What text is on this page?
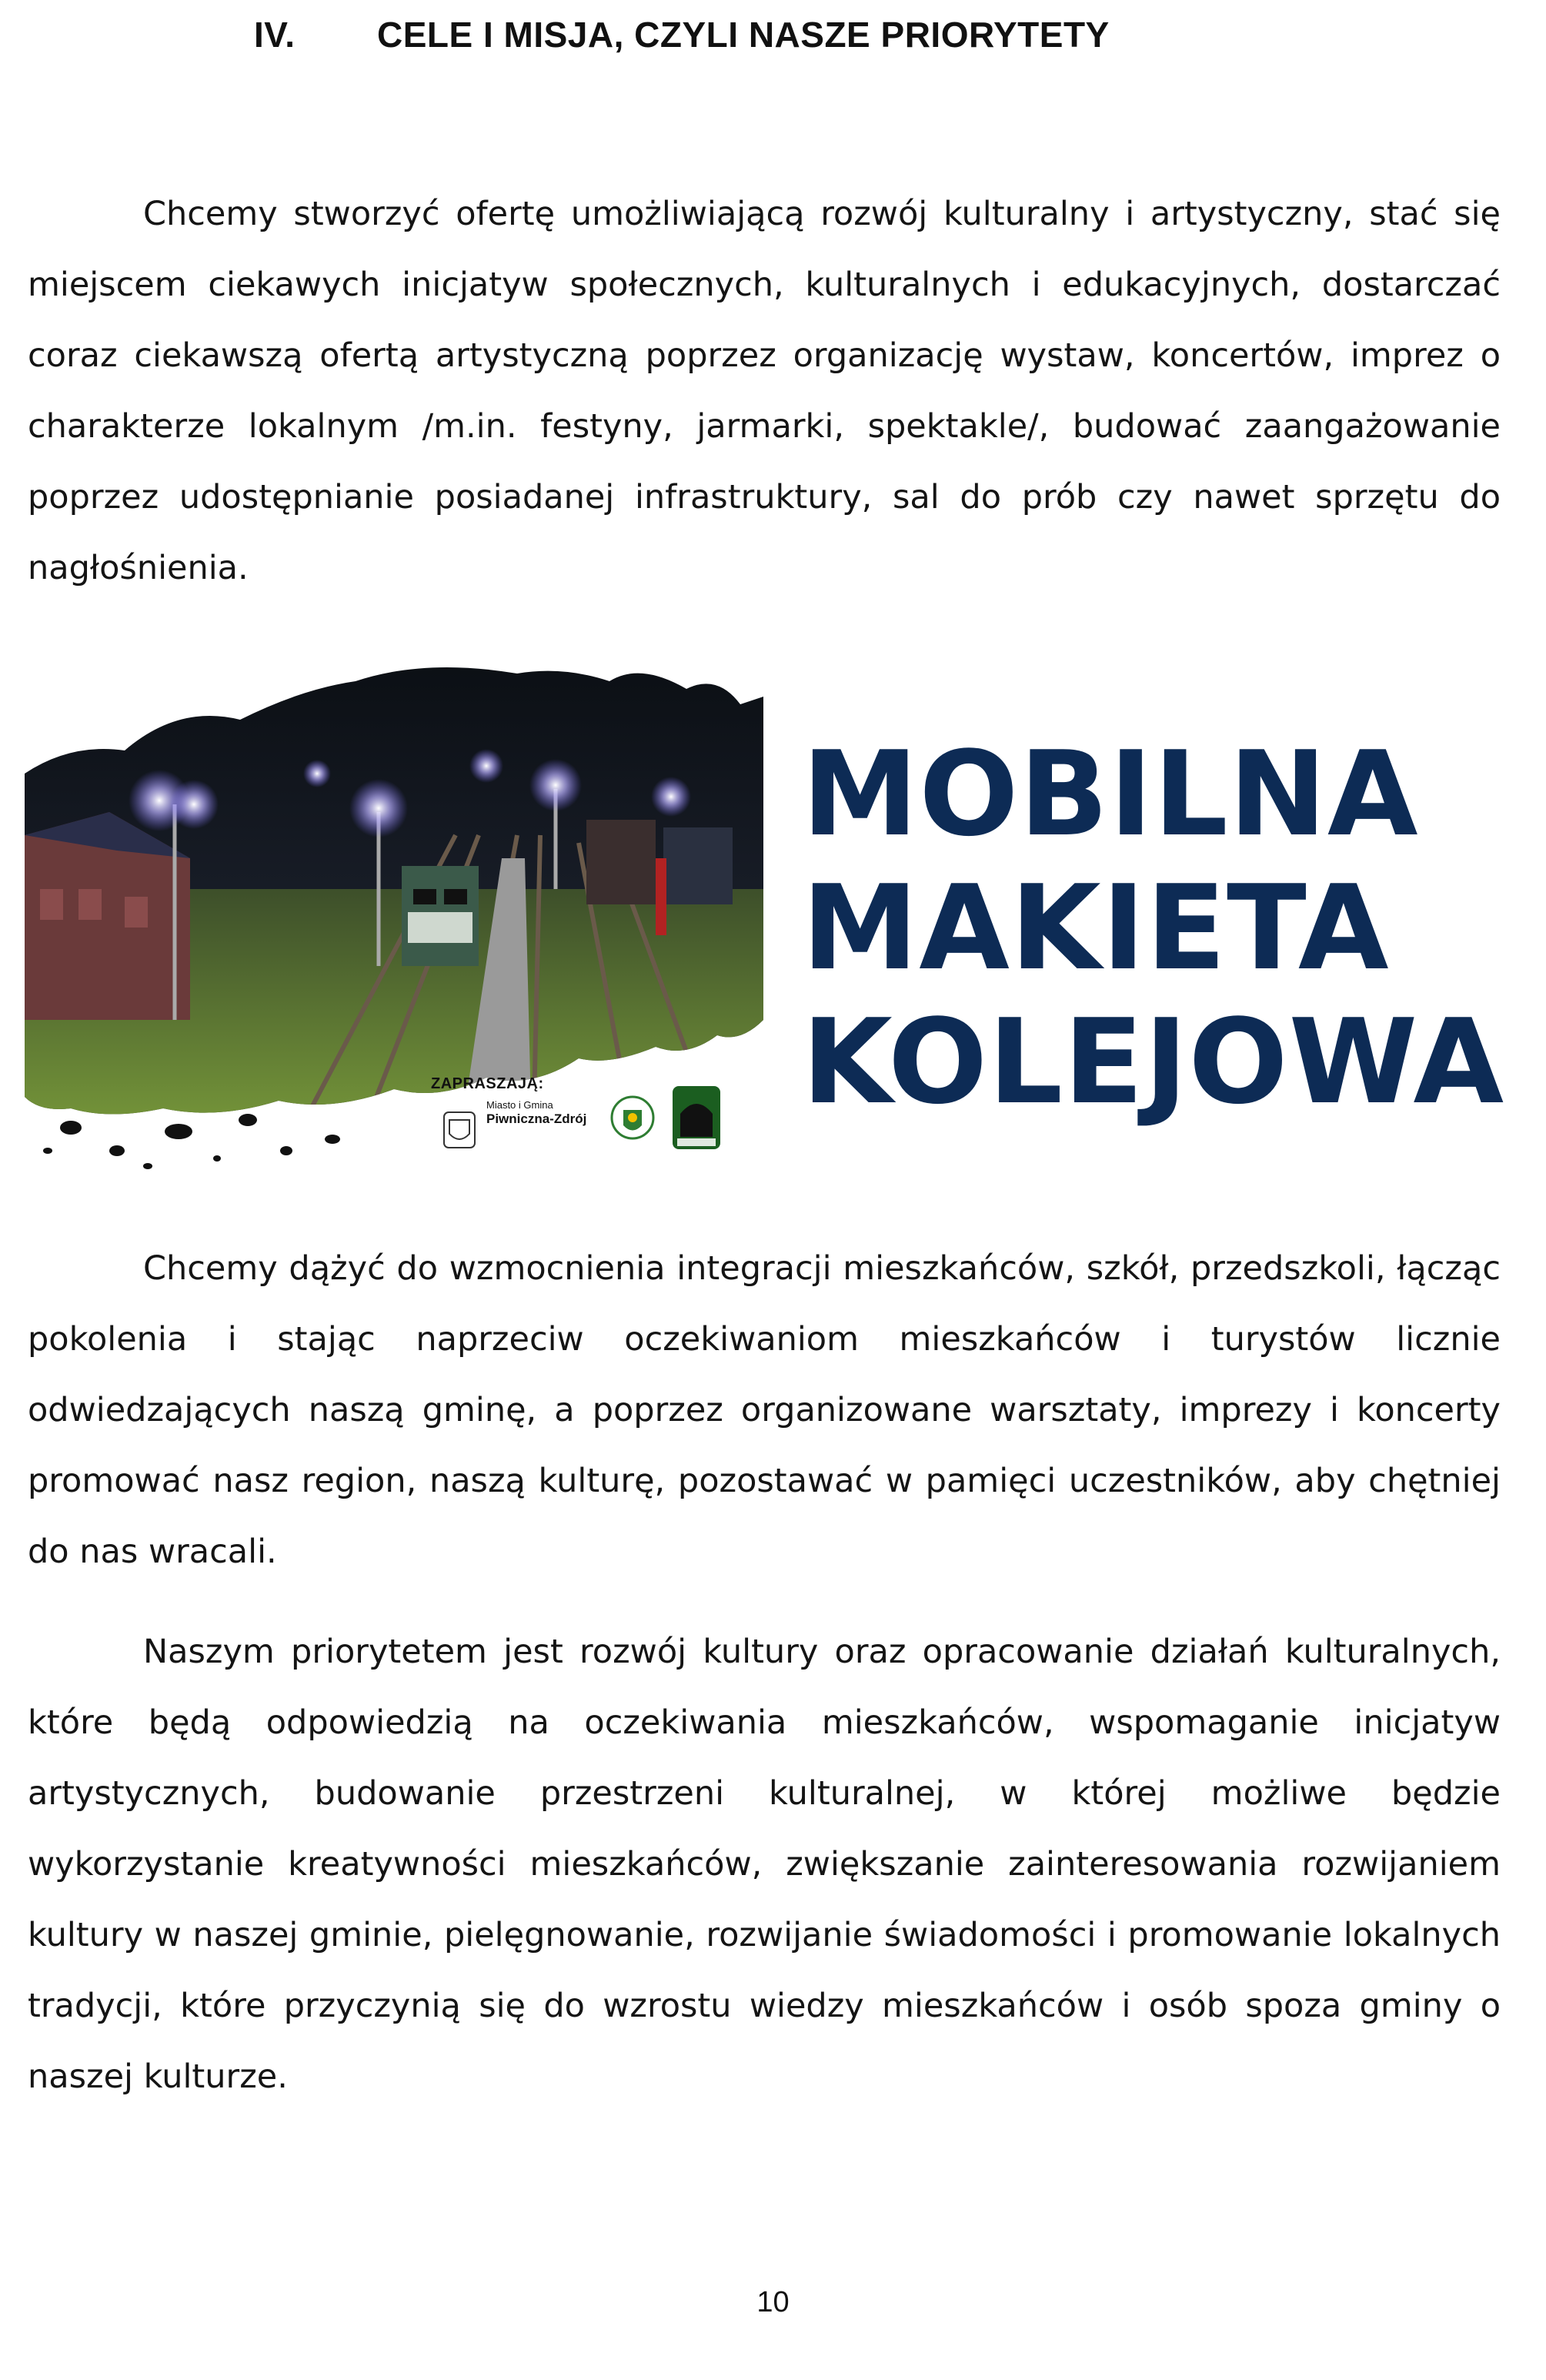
IV.	CELE I MISJA, CZYLI NASZE PRIORYTETY

Chcemy stworzyć ofertę umożliwiającą rozwój kulturalny i artystyczny, stać się miejscem ciekawych inicjatyw społecznych, kulturalnych i edukacyjnych, dostarczać coraz ciekawszą ofertą artystyczną poprzez organizację wystaw, koncertów, imprez o charakterze lokalnym /m.in. festyny, jarmarki, spektakle/, budować zaangażowanie poprzez udostępnianie posiadanej infrastruktury, sal do prób czy nawet sprzętu do nagłośnienia.

MOBILNA
MAKIETA
KOLEJOWA
ZAPRASZAJĄ:
Miasto i Gmina
Piwniczna-Zdrój

Chcemy dążyć do wzmocnienia integracji mieszkańców, szkół, przedszkoli, łącząc pokolenia i stając naprzeciw oczekiwaniom mieszkańców i turystów licznie odwiedzających naszą gminę, a poprzez organizowane warsztaty, imprezy i koncerty promować nasz region, naszą kulturę, pozostawać w pamięci uczestników, aby chętniej do nas wracali.

Naszym priorytetem jest rozwój kultury oraz opracowanie działań kulturalnych, które będą odpowiedzią na oczekiwania mieszkańców, wspomaganie inicjatyw artystycznych, budowanie przestrzeni kulturalnej, w której możliwe będzie wykorzystanie kreatywności mieszkańców, zwiększanie zainteresowania rozwijaniem kultury w naszej gminie, pielęgnowanie, rozwijanie świadomości i promowanie lokalnych tradycji, które przyczynią się do wzrostu wiedzy mieszkańców i osób spoza gminy o naszej kulturze.

10
